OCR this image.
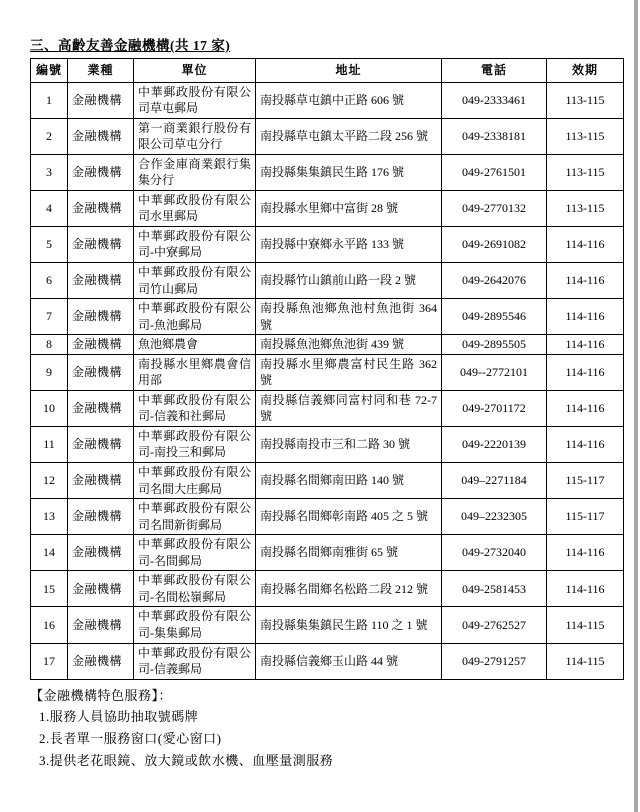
三、高齡友善金融機構(共 17 家)
編號	業種	單位	地址	電話	效期
1	金融機構	中華郵政股份有限公司草屯郵局	南投縣草屯鎮中正路 606 號	049-2333461	113-115
2	金融機構	第一商業銀行股份有限公司草屯分行	南投縣草屯鎮太平路二段 256 號	049-2338181	113-115
3	金融機構	合作金庫商業銀行集集分行	南投縣集集鎮民生路 176 號	049-2761501	113-115
4	金融機構	中華郵政股份有限公司水里郵局	南投縣水里鄉中富街 28 號	049-2770132	113-115
5	金融機構	中華郵政股份有限公司-中寮郵局	南投縣中寮鄉永平路 133 號	049-2691082	114-116
6	金融機構	中華郵政股份有限公司竹山郵局	南投縣竹山鎮前山路一段 2 號	049-2642076	114-116
7	金融機構	中華郵政股份有限公司-魚池郵局	南投縣魚池鄉魚池村魚池街 364 號	049-2895546	114-116
8	金融機構	魚池鄉農會	南投縣魚池鄉魚池街 439 號	049-2895505	114-116
9	金融機構	南投縣水里鄉農會信用部	南投縣水里鄉農富村民生路 362 號	049--2772101	114-116
10	金融機構	中華郵政股份有限公司-信義和社郵局	南投縣信義鄉同富村同和巷 72-7 號	049-2701172	114-116
11	金融機構	中華郵政股份有限公司-南投三和郵局	南投縣南投市三和二路 30 號	049-2220139	114-116
12	金融機構	中華郵政股份有限公司名間大庄郵局	南投縣名間鄉南田路 140 號	049–2271184	115-117
13	金融機構	中華郵政股份有限公司名間新街郵局	南投縣名間鄉彰南路 405 之 5 號	049–2232305	115-117
14	金融機構	中華郵政股份有限公司-名間郵局	南投縣名間鄉南雅街 65 號	049-2732040	114-116
15	金融機構	中華郵政股份有限公司-名間松嶺郵局	南投縣名間鄉名松路二段 212 號	049-2581453	114-116
16	金融機構	中華郵政股份有限公司-集集郵局	南投縣集集鎮民生路 110 之 1 號	049-2762527	114-115
17	金融機構	中華郵政股份有限公司-信義郵局	南投縣信義鄉玉山路 44 號	049-2791257	114-115
【金融機構特色服務】：
1.服務人員協助抽取號碼牌
2.長者單一服務窗口(愛心窗口)
3.提供老花眼鏡、放大鏡或飲水機、血壓量測服務
